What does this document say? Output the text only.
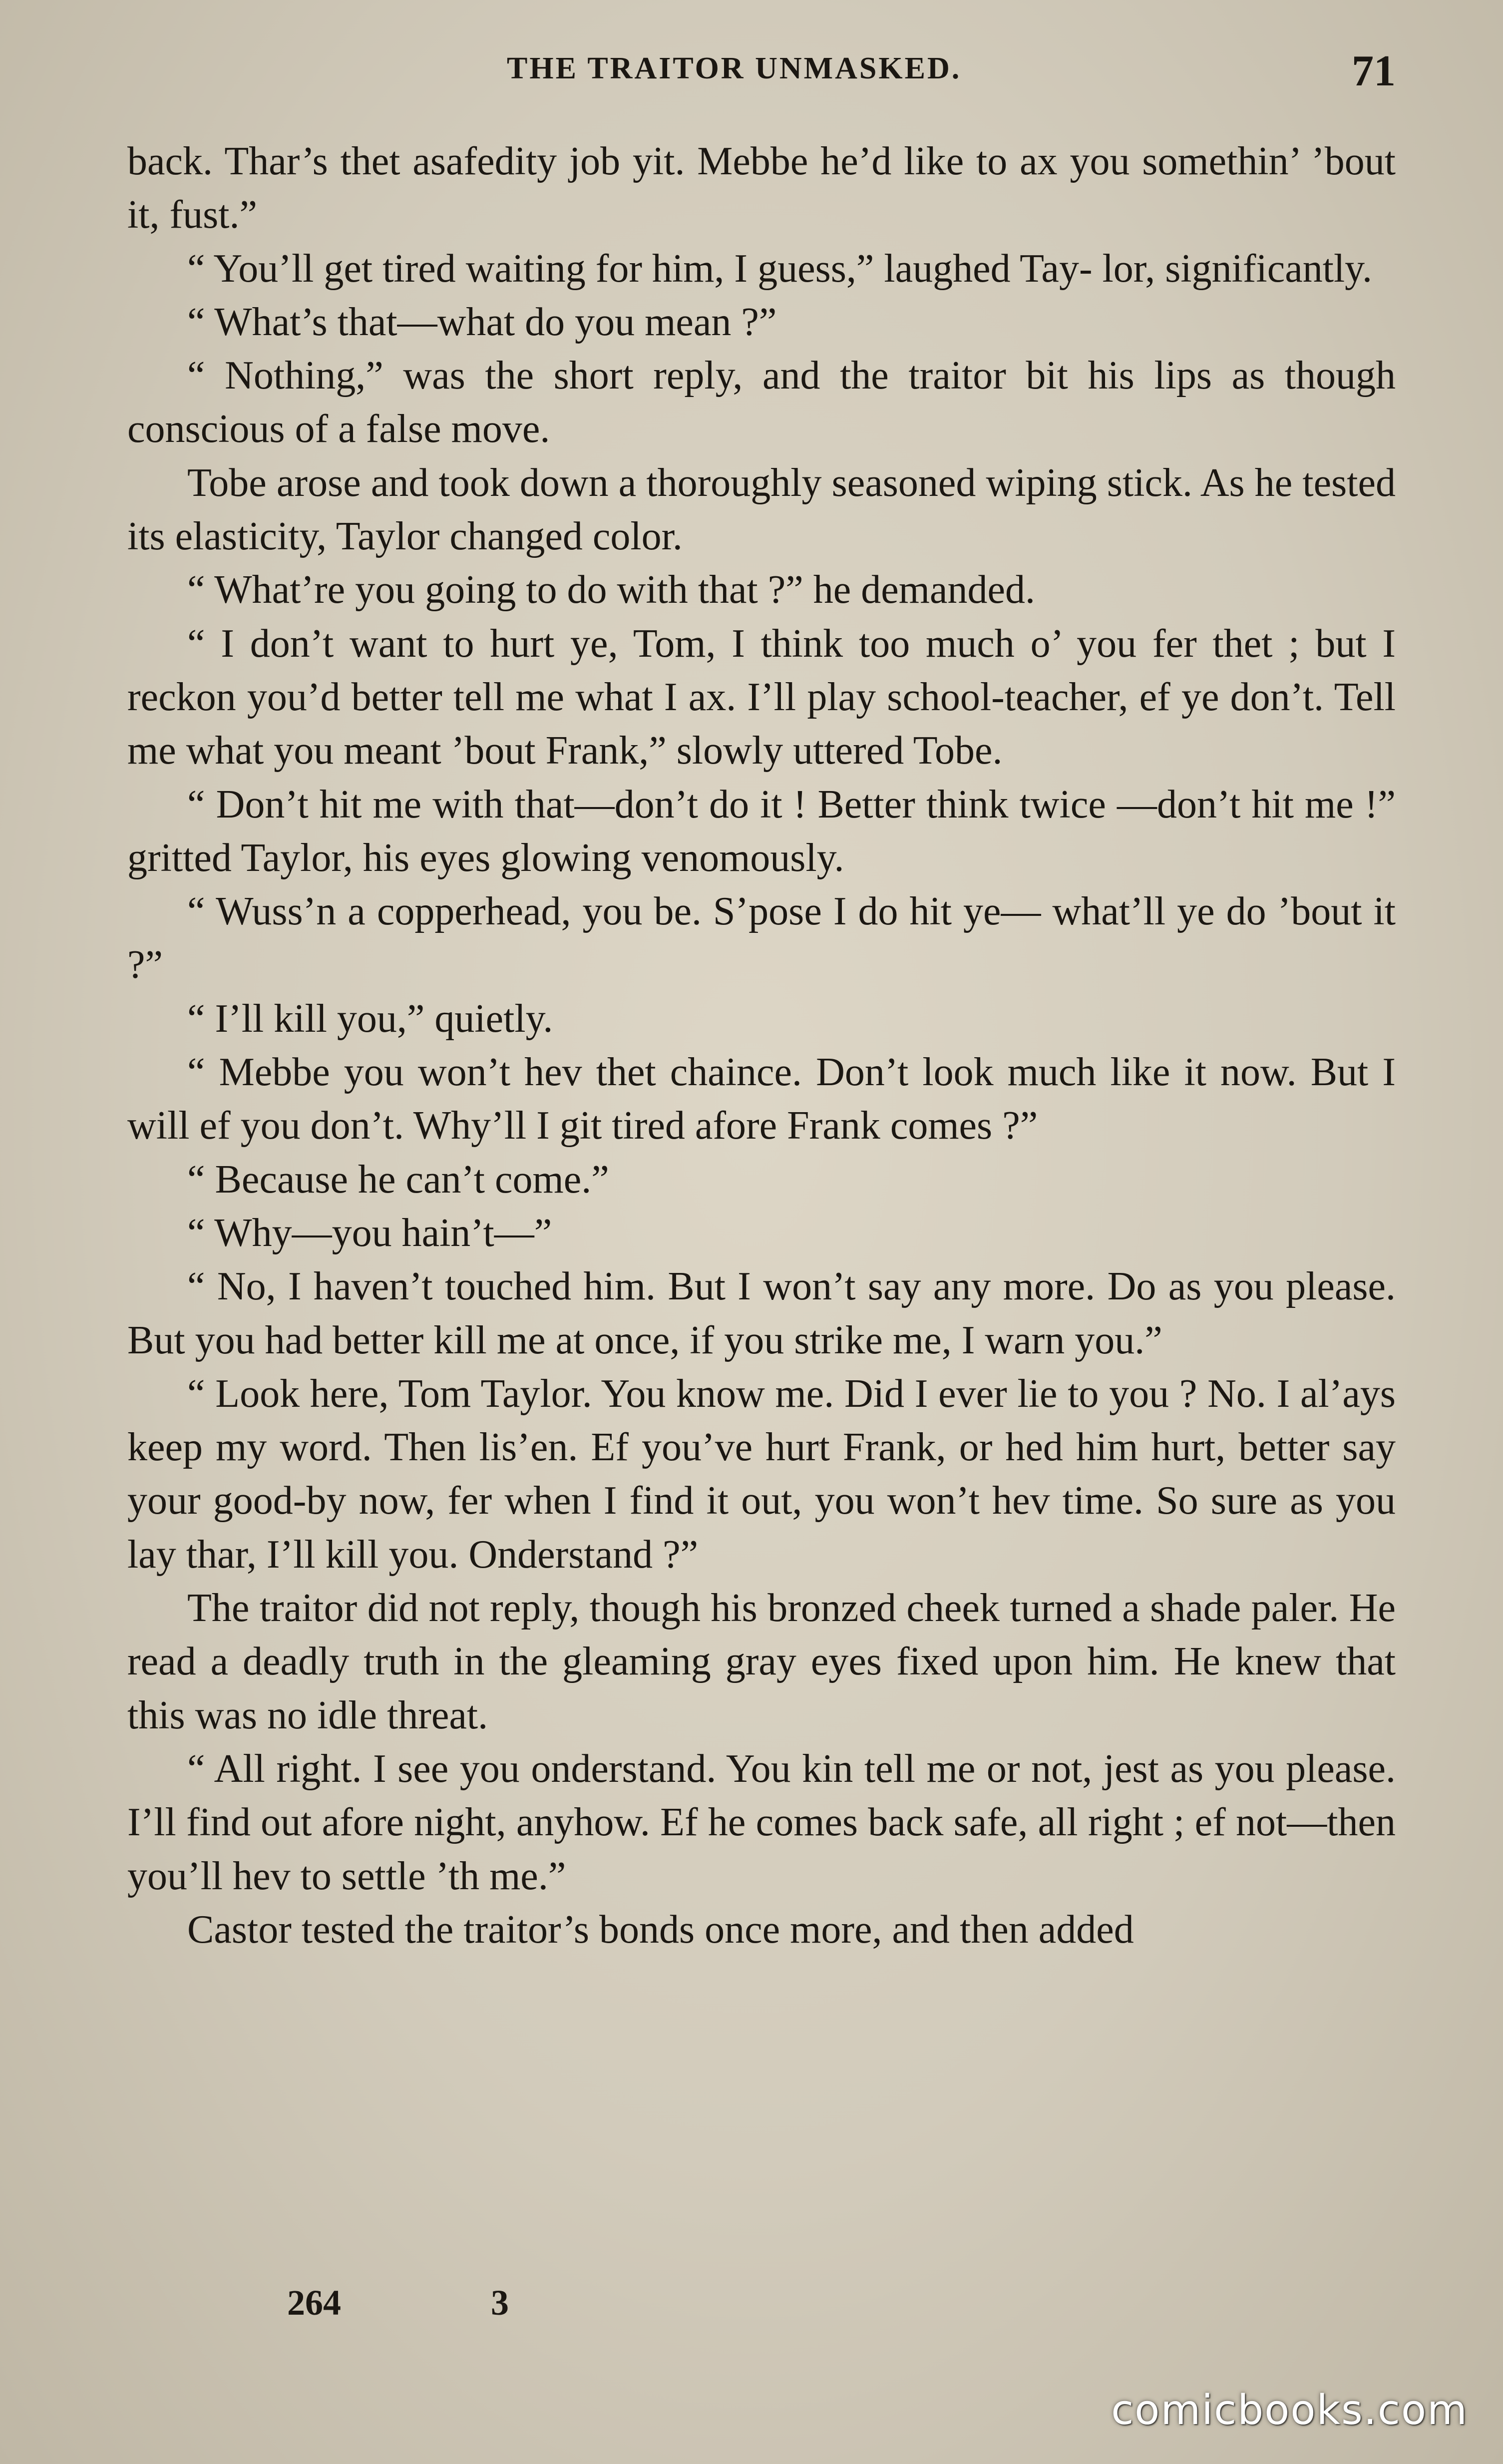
THE TRAITOR UNMASKED.	71

back. Thar’s thet asafedity job yit. Mebbe he’d like to ax you somethin’ ’bout it, fust.”

“ You’ll get tired waiting for him, I guess,” laughed Tay- lor, significantly.

“ What’s that—what do you mean ?”

“ Nothing,” was the short reply, and the traitor bit his lips as though conscious of a false move.

Tobe arose and took down a thoroughly seasoned wiping stick. As he tested its elasticity, Taylor changed color.

“ What’re you going to do with that ?” he demanded.

“ I don’t want to hurt ye, Tom, I think too much o’ you fer thet ; but I reckon you’d better tell me what I ax. I’ll play school-teacher, ef ye don’t. Tell me what you meant ’bout Frank,” slowly uttered Tobe.

“ Don’t hit me with that—don’t do it ! Better think twice —don’t hit me !” gritted Taylor, his eyes glowing venomously.

“ Wuss’n a copperhead, you be. S’pose I do hit ye— what’ll ye do ’bout it ?”

“ I’ll kill you,” quietly.

“ Mebbe you won’t hev thet chaince. Don’t look much like it now. But I will ef you don’t. Why’ll I git tired afore Frank comes ?”

“ Because he can’t come.”

“ Why—you hain’t—”

“ No, I haven’t touched him. But I won’t say any more. Do as you please. But you had better kill me at once, if you strike me, I warn you.”

“ Look here, Tom Taylor. You know me. Did I ever lie to you ? No. I al’ays keep my word. Then lis’en. Ef you’ve hurt Frank, or hed him hurt, better say your good-by now, fer when I find it out, you won’t hev time. So sure as you lay thar, I’ll kill you. Onderstand ?”

The traitor did not reply, though his bronzed cheek turned a shade paler. He read a deadly truth in the gleaming gray eyes fixed upon him. He knew that this was no idle threat.

“ All right. I see you onderstand. You kin tell me or not, jest as you please. I’ll find out afore night, anyhow. Ef he comes back safe, all right ; ef not—then you’ll hev to settle ’th me.”

Castor tested the traitor’s bonds once more, and then added

264	3
comicbooks.com
